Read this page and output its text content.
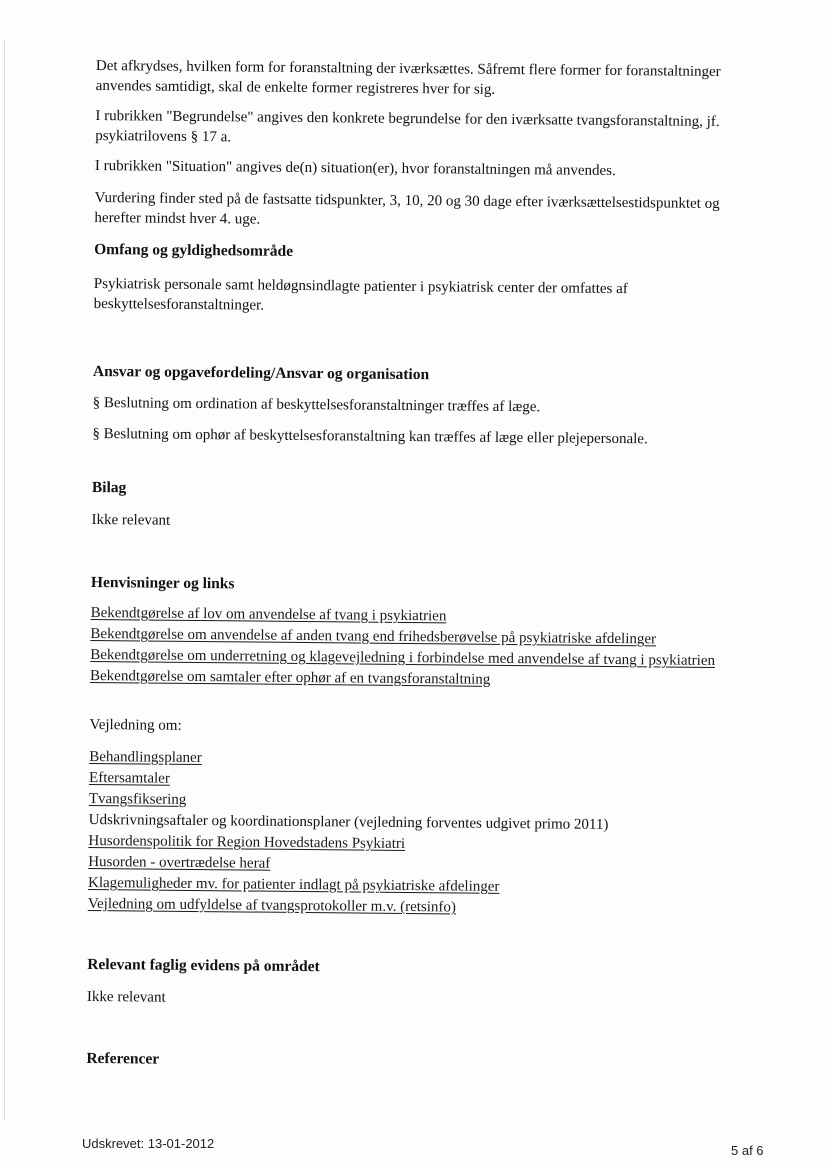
Det afkrydses, hvilken form for foranstaltning der iværksættes. Såfremt flere former for foranstaltninger anvendes samtidigt, skal de enkelte former registreres hver for sig.

I rubrikken "Begrundelse" angives den konkrete begrundelse for den iværksatte tvangsforanstaltning, jf. psykiatrilovens § 17 a.

I rubrikken "Situation" angives de(n) situation(er), hvor foranstaltningen må anvendes.

Vurdering finder sted på de fastsatte tidspunkter, 3, 10, 20 og 30 dage efter iværksættelsestidspunktet og herefter mindst hver 4. uge.

Omfang og gyldighedsområde

Psykiatrisk personale samt heldøgnsindlagte patienter i psykiatrisk center der omfattes af beskyttelsesforanstaltninger.

Ansvar og opgavefordeling/Ansvar og organisation

§ Beslutning om ordination af beskyttelsesforanstaltninger træffes af læge.

§ Beslutning om ophør af beskyttelsesforanstaltning kan træffes af læge eller plejepersonale.

Bilag

Ikke relevant

Henvisninger og links
Bekendtgørelse af lov om anvendelse af tvang i psykiatrien
Bekendtgørelse om anvendelse af anden tvang end frihedsberøvelse på psykiatriske afdelinger
Bekendtgørelse om underretning og klagevejledning i forbindelse med anvendelse af tvang i psykiatrien
Bekendtgørelse om samtaler efter ophør af en tvangsforanstaltning

Vejledning om:

Behandlingsplaner
Eftersamtaler
Tvangsfiksering
Udskrivningsaftaler og koordinationsplaner (vejledning forventes udgivet primo 2011)
Husordenspolitik for Region Hovedstadens Psykiatri
Husorden - overtrædelse heraf
Klagemuligheder mv. for patienter indlagt på psykiatriske afdelinger
Vejledning om udfyldelse af tvangsprotokoller m.v. (retsinfo)
Relevant faglig evidens på området

Ikke relevant

Referencer
Udskrevet: 13-01-2012	5 af 6
